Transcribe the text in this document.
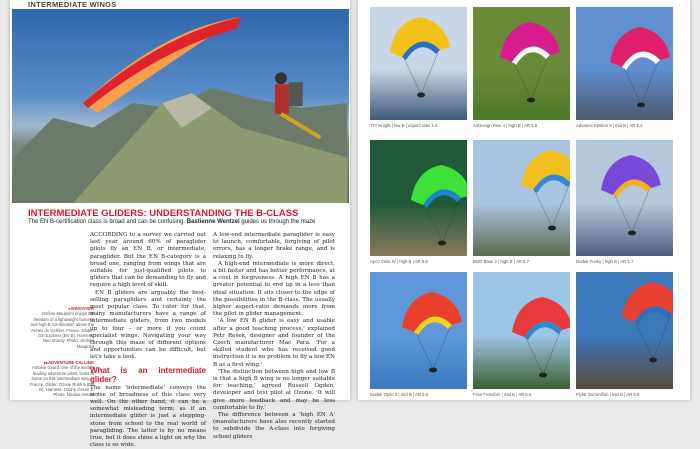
INTERMEDIATE WINGS
INTERMEDIATE GLIDERS: UNDERSTANDING THE B-CLASS
The EN B-certification class is broad and can be confusing. Bastienne Wentzel guides us through the maze
▸WINGOVER
Jérôme Maupoint enjoys the freedom of a lightweight harness and high-B combination above the Arêtes du Gerbier, France. Glider: Gin Explorer (EN B). Harness: Neo Shooty. Photo: Jérôme Maupoint
▸▸ADVENTURE CALLING
Antoine Girard, one of the world's leading adventure pilots, looks at home on this intermediate wing in France. Glider: Ozone Rush 5 (EN B). Harness: Ozone Ozium 2. Photo: Nicolas Assael

ACCORDING to a survey we carried out last year around 60% of paraglider pilots fly an EN B, or intermediate, paraglider. But the EN B-category is a broad one, ranging from wings that are suitable for just-qualified pilots to gliders that can be demanding to fly and require a high level of skill.

EN B gliders are arguably the best-selling paragliders and certainly the most popular class. To cater for that, many manufacturers have a range of intermediate gliders, from two models up to four – or more if you count specialist wings. Navigating your way through this maze of different options and opportunities can be difficult, but let's take a look.

What is an intermediate glider?

The name 'intermediate' conveys the sense of broadness of this class very well. On the other hand, it can be a somewhat misleading term; as if an intermediate glider is just a stepping-stone from school to the real world of paragliding. The latter is by no means true, but it does shine a light on why the class is so wide.

A low-end intermediate paraglider is easy to launch, comfortable, forgiving of pilot errors, has a longer brake range, and is relaxing to fly.

A high-end intermediate is more direct, a bit faster and has better performance, at a cost in forgiveness. A high EN B has a greater potential to end up in a less than ideal situation. It sits closer to the edge of the possibilities in the B-class. The usually higher aspect-ratio demands more from the pilot in glider management.

'A low EN B glider is easy and usable after a good teaching process,' explained Petr Rešek, designer and founder of the Czech manufacturer Mac Para. 'For a skilled student who has received good instruction it is no problem to fly a low EN B as a first wing.'

'The distinction between high and low B is that a high B wing is no longer suitable for teaching,' agreed Russell Ogden, developer and test pilot at Ozone. 'It will give more feedback and may be less comfortable to fly.'

The difference between a 'high EN A' (manufacturers have also recently started to subdivide the A-class into forgiving school gliders

777 Knight | low B | aspect ratio 5.4	AirDesign Rise 4 | high B | AR 5.8	Advance Epsilon 8 | mid B | AR 5.2
Apco Vista IV | high B | AR 5.6	BGD Base 2 | high B | AR 5.7	Dudek Funky | high B | AR 5.7
Dudek Optic 2 | mid B | AR 5.5	Flow Freedom | mid B | AR 5.6	Flyfat Gummifluh | mid B | AR 5.9
